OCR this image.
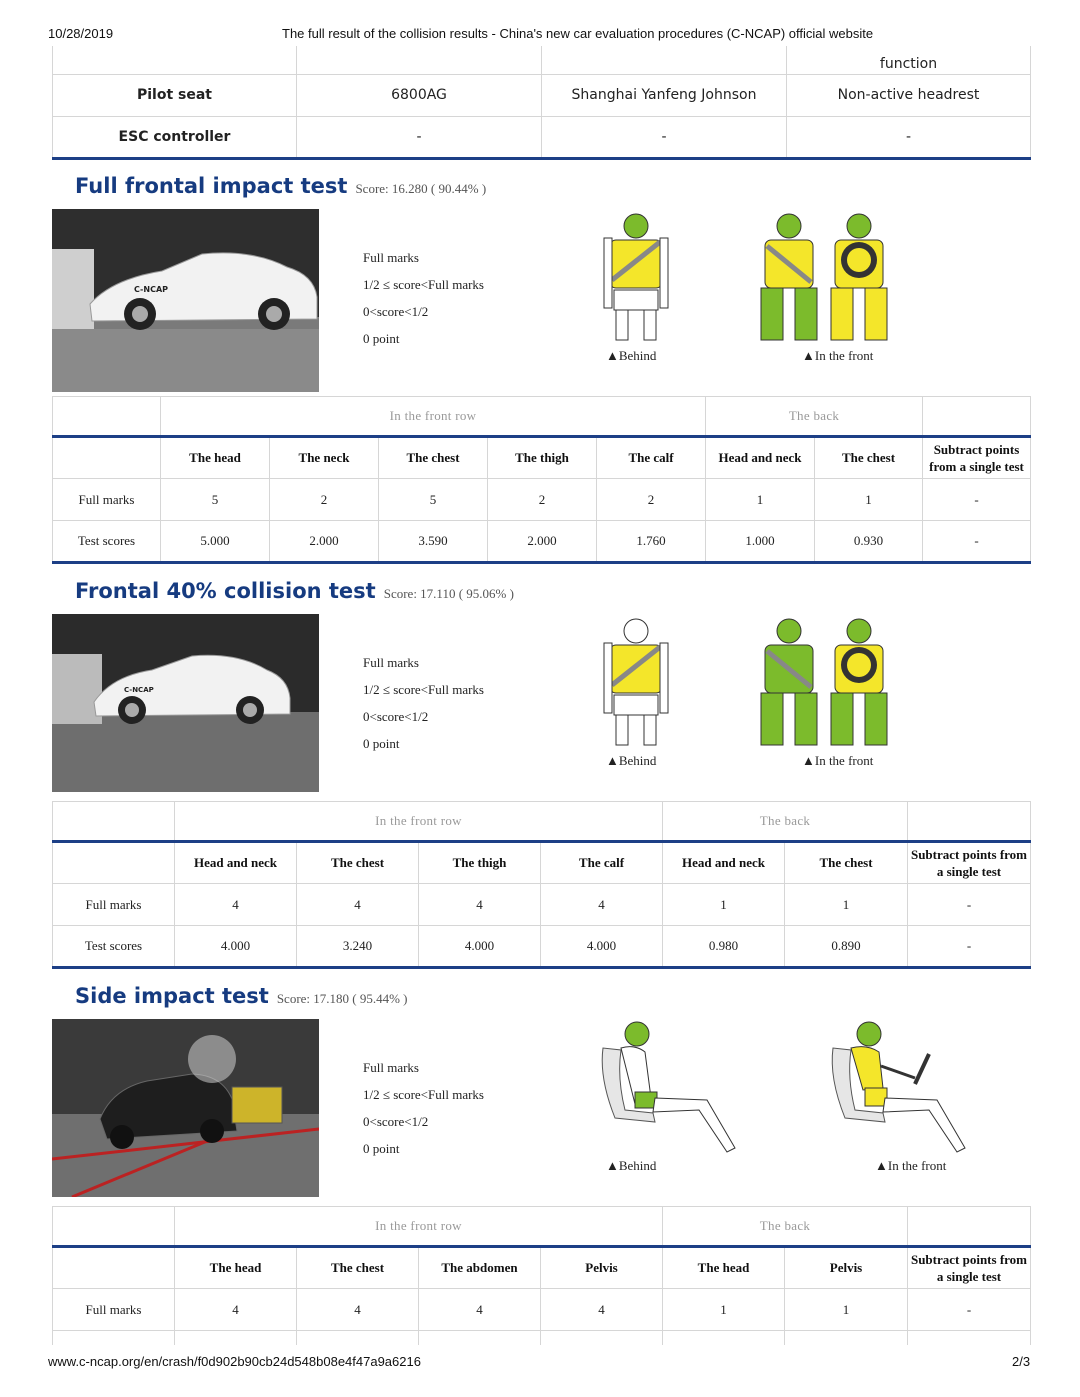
10/28/2019	The full result of the collision results - China's new car evaluation procedures (C-NCAP) official website
			function
Pilot seat	6800AG	Shanghai Yanfeng Johnson	Non-active headrest
ESC controller	-	-	-
Full frontal impact test Score: 16.280 ( 90.44% )
C-NCAP
Full marks
1/2 ≤ score<Full marks
0<score<1/2
0 point
▲Behind	▲In the front
	In the front row					The back		
	The head	The neck	The chest	The thigh	The calf	Head and neck	The chest	Subtract points from a single test
Full marks	5	2	5	2	2	1	1	-
Test scores	5.000	2.000	3.590	2.000	1.760	1.000	0.930	-
Frontal 40% collision test Score: 17.110 ( 95.06% )
C-NCAP
Full marks
1/2 ≤ score<Full marks
0<score<1/2
0 point
▲Behind	▲In the front
	In the front row				The back		
	Head and neck	The chest	The thigh	The calf	Head and neck	The chest	Subtract points from a single test
Full marks	4	4	4	4	1	1	-
Test scores	4.000	3.240	4.000	4.000	0.980	0.890	-
Side impact test Score: 17.180 ( 95.44% )
Full marks
1/2 ≤ score<Full marks
0<score<1/2
0 point
▲Behind	▲In the front
	In the front row				The back		
	The head	The chest	The abdomen	Pelvis	The head	Pelvis	Subtract points from a single test
Full marks	4	4	4	4	1	1	-

www.c-ncap.org/en/crash/f0d902b90cb24d548b08e4f47a9a6216	2/3
